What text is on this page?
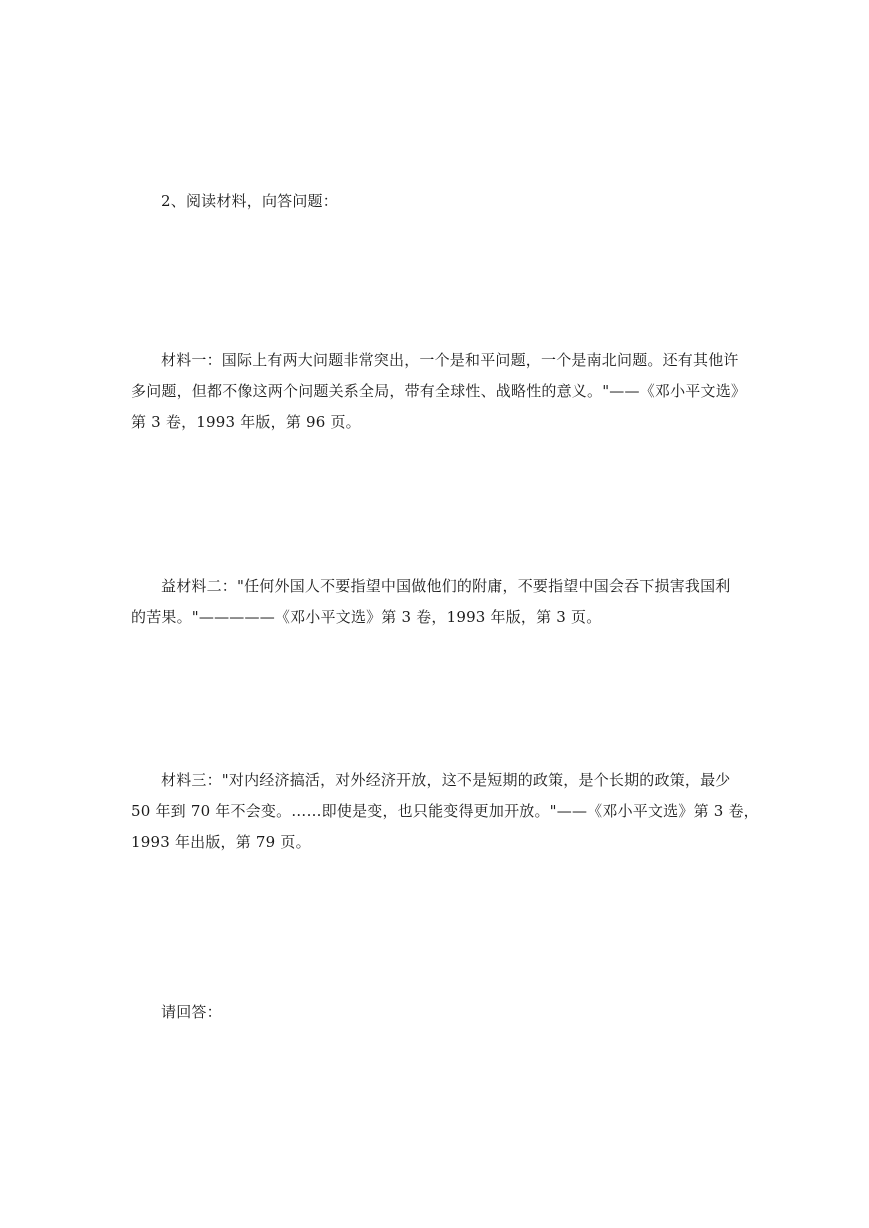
2、阅读材料，向答问题：

材料一：国际上有两大问题非常突出，一个是和平问题，一个是南北问题。还有其他许
多问题，但都不像这两个问题关系全局，带有全球性、战略性的意义。"——《邓小平文选》
第 3 卷，1993 年版，第 96 页。

益材料二："任何外国人不要指望中国做他们的附庸，不要指望中国会吞下损害我国利
的苦果。"—————《邓小平文选》第 3 卷，1993 年版，第 3 页。

材料三："对内经济搞活，对外经济开放，这不是短期的政策，是个长期的政策，最少
50 年到 70 年不会变。……即使是变，也只能变得更加开放。"——《邓小平文选》第 3 卷，
1993 年出版，第 79 页。

请回答：
